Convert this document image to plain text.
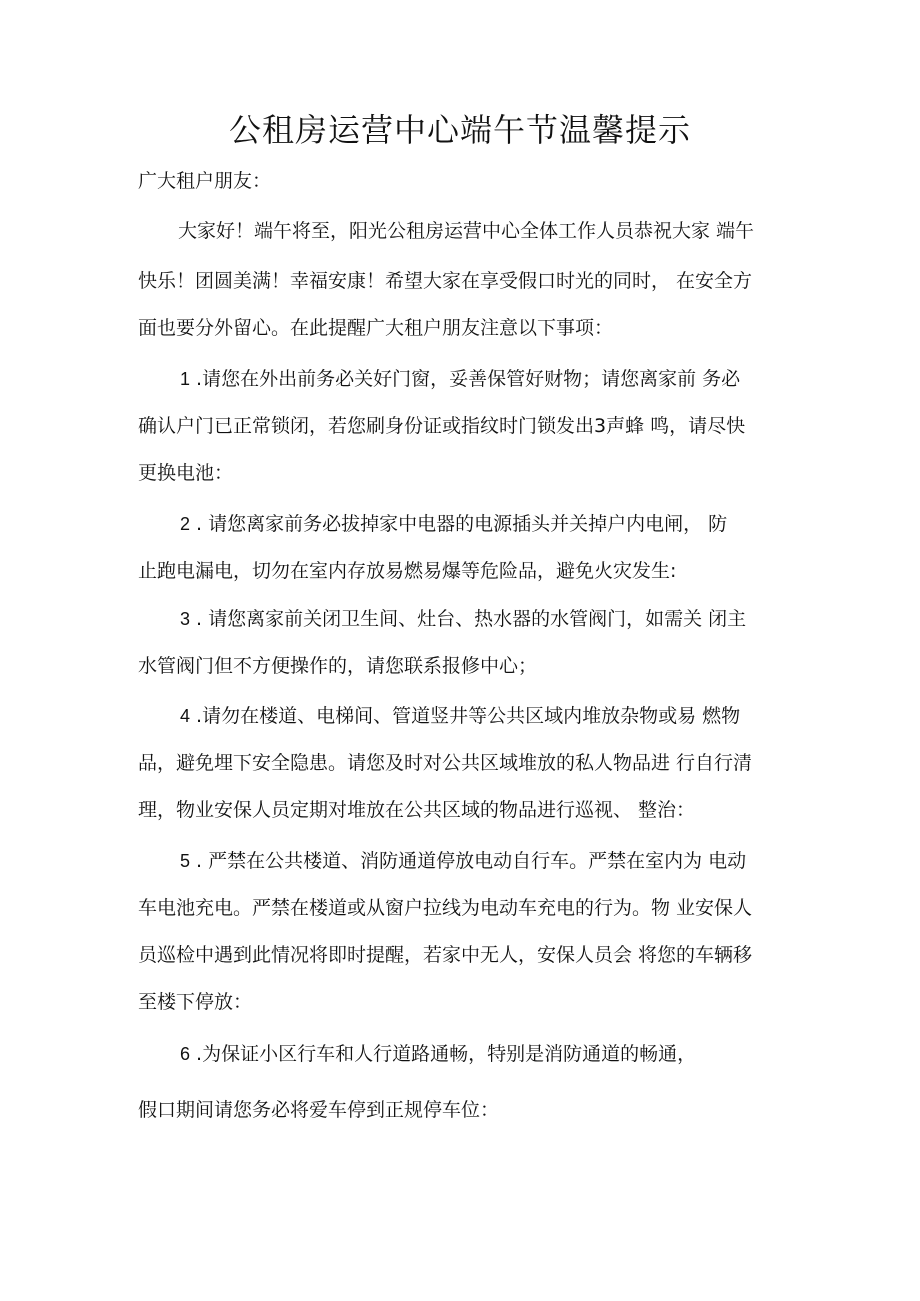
公租房运营中心端午节温馨提示

广大租户朋友：

大家好！端午将至，阳光公租房运营中心全体工作人员恭祝大家 端午

快乐！团圆美满！幸福安康！希望大家在享受假口时光的同时， 在安全方

面也要分外留心。在此提醒广大租户朋友注意以下事项：

1 .请您在外出前务必关好门窗，妥善保管好财物；请您离家前 务必

确认户门已正常锁闭，若您刷身份证或指纹时门锁发出3声蜂 鸣，请尽快

更换电池：

2 . 请您离家前务必拔掉家中电器的电源插头并关掉户内电闸， 防

止跑电漏电，切勿在室内存放易燃易爆等危险品，避免火灾发生:

3 . 请您离家前关闭卫生间、灶台、热水器的水管阀门，如需关 闭主

水管阀门但不方便操作的，请您联系报修中心；

4 .请勿在楼道、电梯间、管道竖井等公共区域内堆放杂物或易 燃物

品，避免埋下安全隐患。请您及时对公共区域堆放的私人物品进 行自行清

理，物业安保人员定期对堆放在公共区域的物品进行巡视、 整治：

5 . 严禁在公共楼道、消防通道停放电动自行车。严禁在室内为 电动

车电池充电。严禁在楼道或从窗户拉线为电动车充电的行为。物 业安保人

员巡检中遇到此情况将即时提醒，若家中无人，安保人员会 将您的车辆移

至楼下停放：

6 .为保证小区行车和人行道路通畅，特别是消防通道的畅通，

假口期间请您务必将爱车停到正规停车位：
